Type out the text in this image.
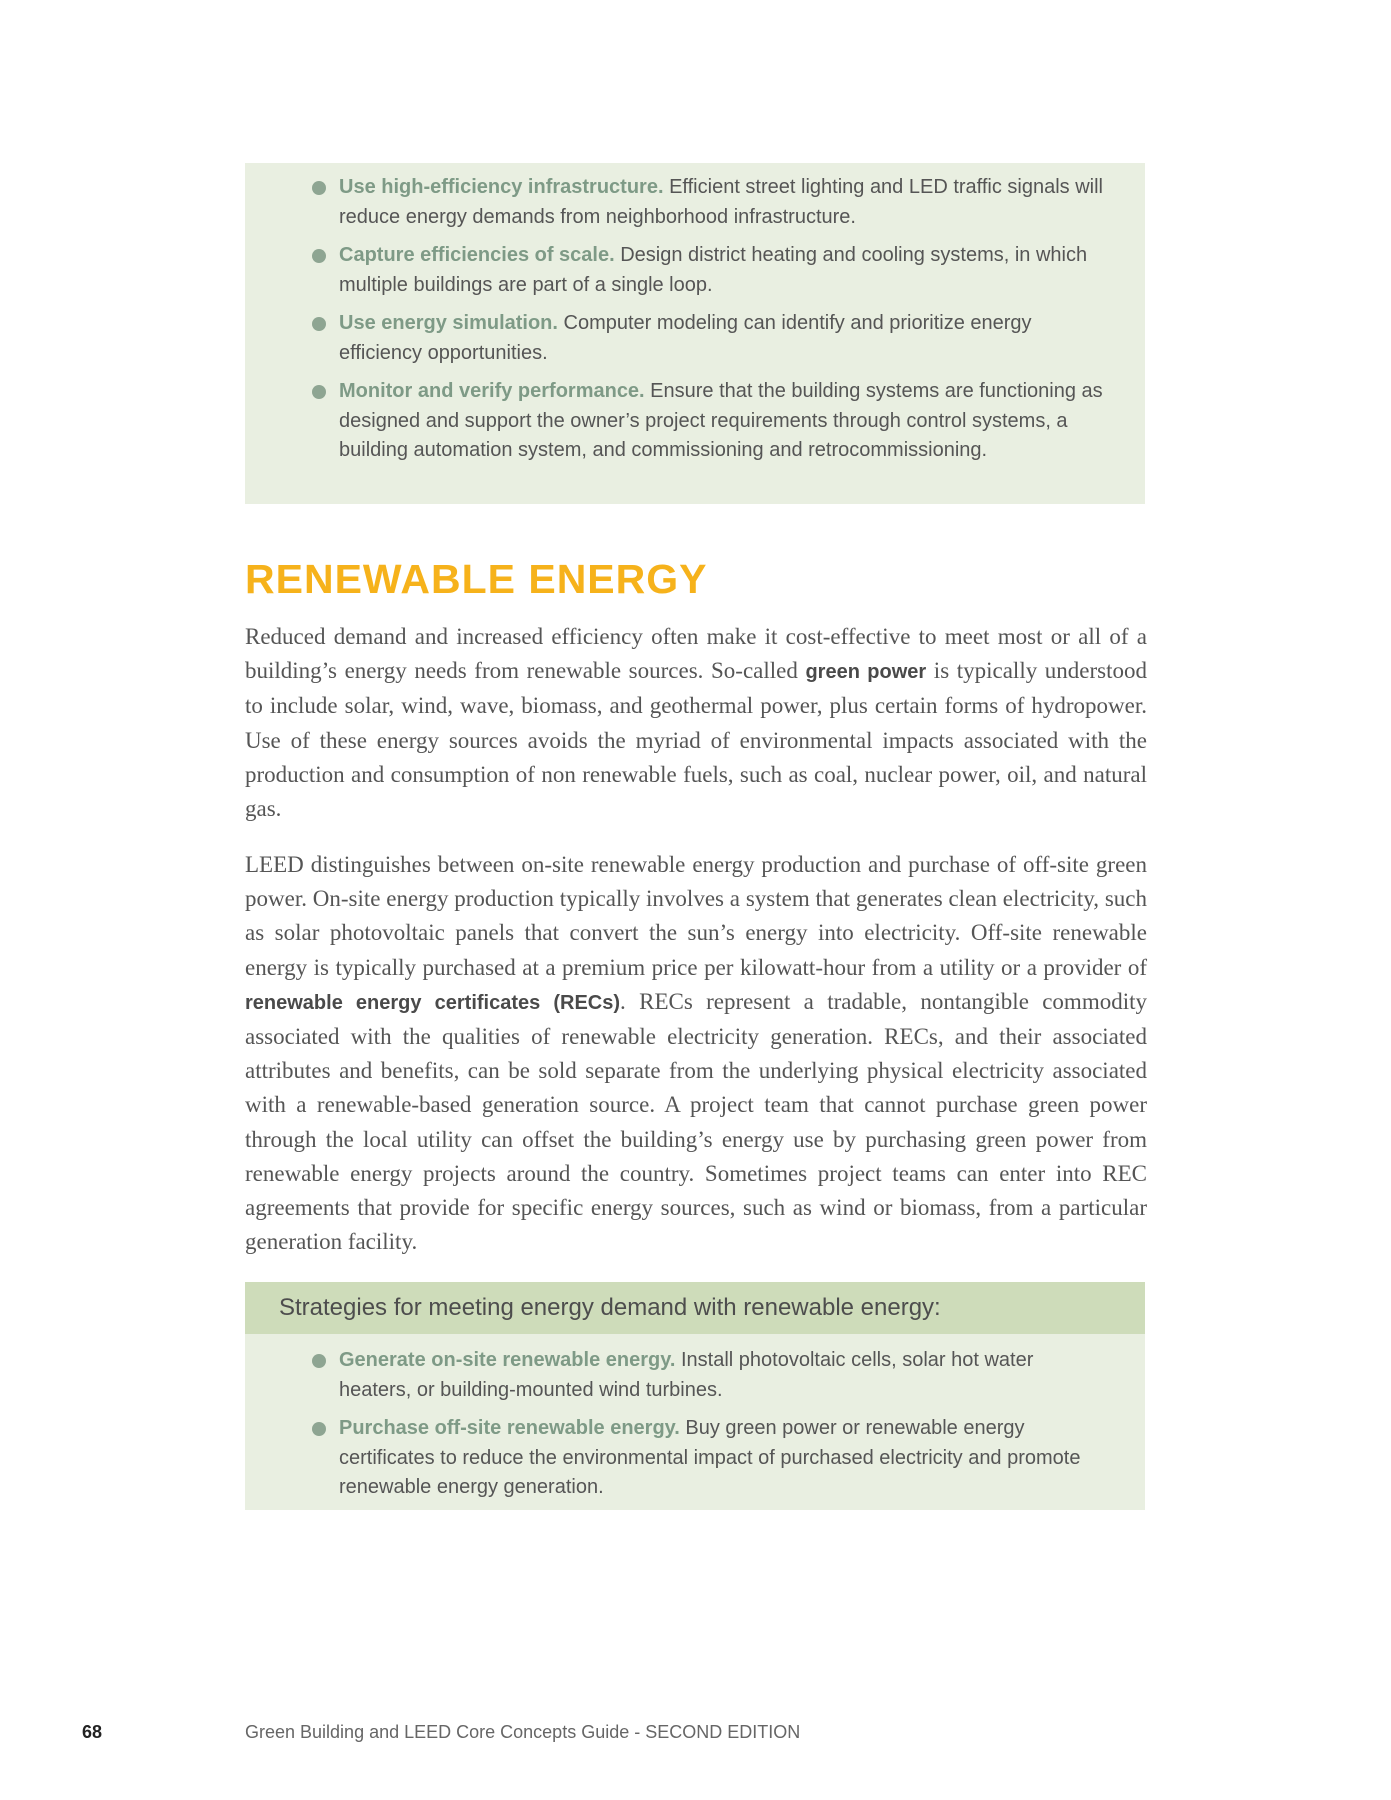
Use high-efficiency infrastructure. Efficient street lighting and LED traffic signals will reduce energy demands from neighborhood infrastructure.
Capture efficiencies of scale. Design district heating and cooling systems, in which multiple buildings are part of a single loop.
Use energy simulation. Computer modeling can identify and prioritize energy efficiency opportunities.
Monitor and verify performance. Ensure that the building systems are functioning as designed and support the owner’s project requirements through control systems, a building automation system, and commissioning and retrocommissioning.
RENEWABLE ENERGY

Reduced demand and increased efficiency often make it cost-effective to meet most or all of a building’s energy needs from renewable sources. So-called green power is typically understood to include solar, wind, wave, biomass, and geothermal power, plus certain forms of hydropower. Use of these energy sources avoids the myriad of environmental impacts associated with the production and consumption of non renewable fuels, such as coal, nuclear power, oil, and natural gas.

LEED distinguishes between on-site renewable energy production and purchase of off-site green power. On-site energy production typically involves a system that generates clean electricity, such as solar photovoltaic panels that convert the sun’s energy into electricity. Off-site renewable energy is typically purchased at a premium price per kilowatt-hour from a utility or a provider of renewable energy certificates (RECs). RECs represent a tradable, nontangible commodity associated with the qualities of renewable electricity generation. RECs, and their associated attributes and benefits, can be sold separate from the underlying physical electricity associated with a renewable-based generation source. A project team that cannot purchase green power through the local utility can offset the building’s energy use by purchasing green power from renewable energy projects around the country. Sometimes project teams can enter into REC agreements that provide for specific energy sources, such as wind or biomass, from a particular generation facility.

Strategies for meeting energy demand with renewable energy:
Generate on-site renewable energy. Install photovoltaic cells, solar hot water heaters, or building-mounted wind turbines.
Purchase off-site renewable energy. Buy green power or renewable energy certificates to reduce the environmental impact of purchased electricity and promote renewable energy generation.
68	Green Building and LEED Core Concepts Guide - SECOND EDITION
